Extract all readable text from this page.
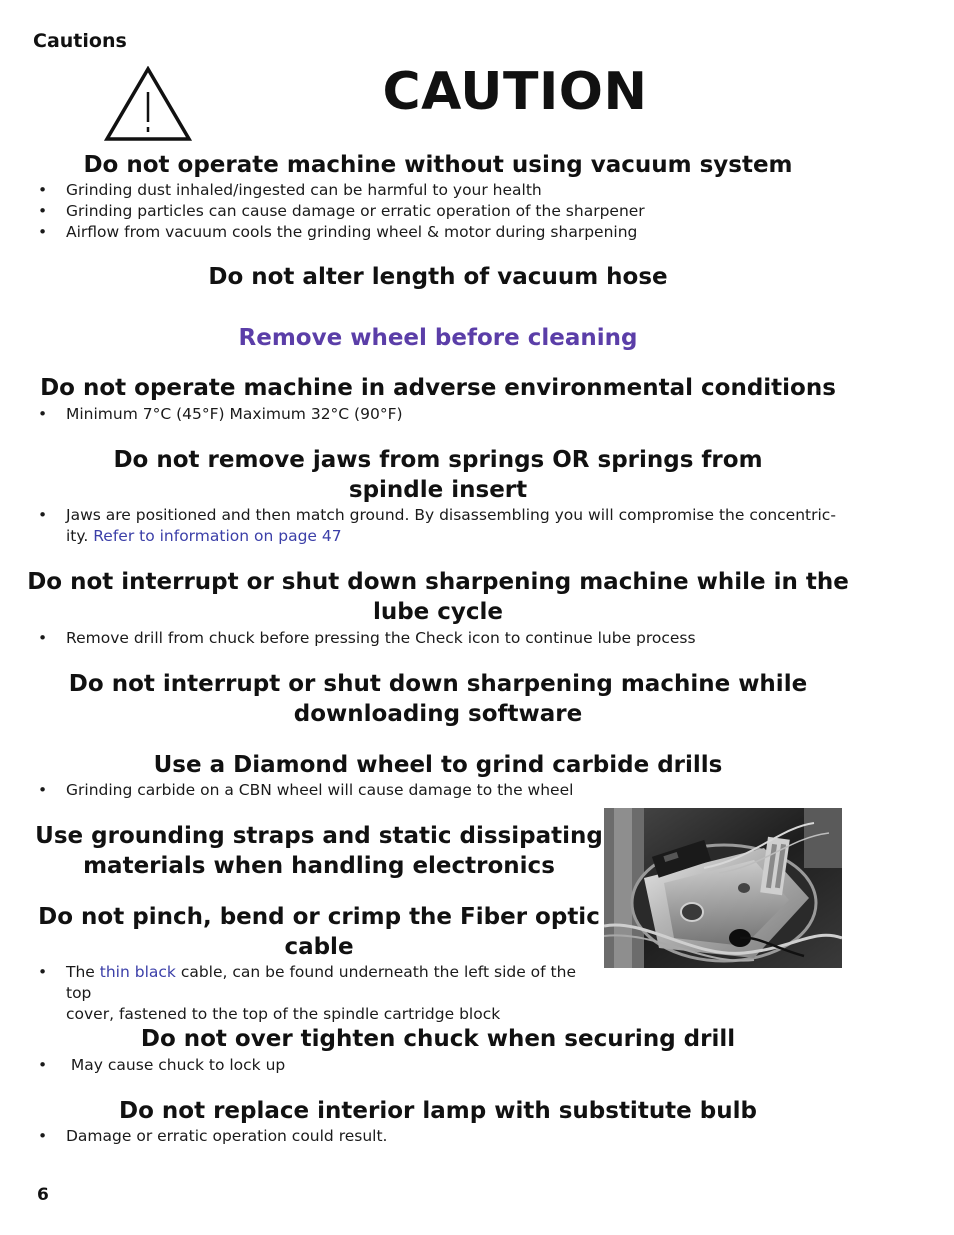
Cautions

CAUTION
Do not operate machine without using vacuum system
• Grinding dust inhaled/ingested can be harmful to your health
• Grinding particles can cause damage or erratic operation of the sharpener
• Airflow from vacuum cools the grinding wheel & motor during sharpening
Do not alter length of vacuum hose
Remove wheel before cleaning
Do not operate machine in adverse environmental conditions
• Minimum 7°C (45°F) Maximum 32°C (90°F)
Do not remove jaws from springs OR springs from
spindle insert
• Jaws are positioned and then match ground. By disassembling you will compromise the concentric-
ity. Refer to information on page 47
Do not interrupt or shut down sharpening machine while in the
lube cycle
• Remove drill from chuck before pressing the Check icon to continue lube process
Do not interrupt or shut down sharpening machine while
downloading software
Use a Diamond wheel to grind carbide drills
• Grinding carbide on a CBN wheel will cause damage to the wheel
Use grounding straps and static dissipating
materials when handling electronics
Do not pinch, bend or crimp the Fiber optic
cable
• The thin black cable, can be found underneath the left side of the top
cover, fastened to the top of the spindle cartridge block
Do not over tighten chuck when securing drill
• May cause chuck to lock up
Do not replace interior lamp with substitute bulb
• Damage or erratic operation could result.

6
